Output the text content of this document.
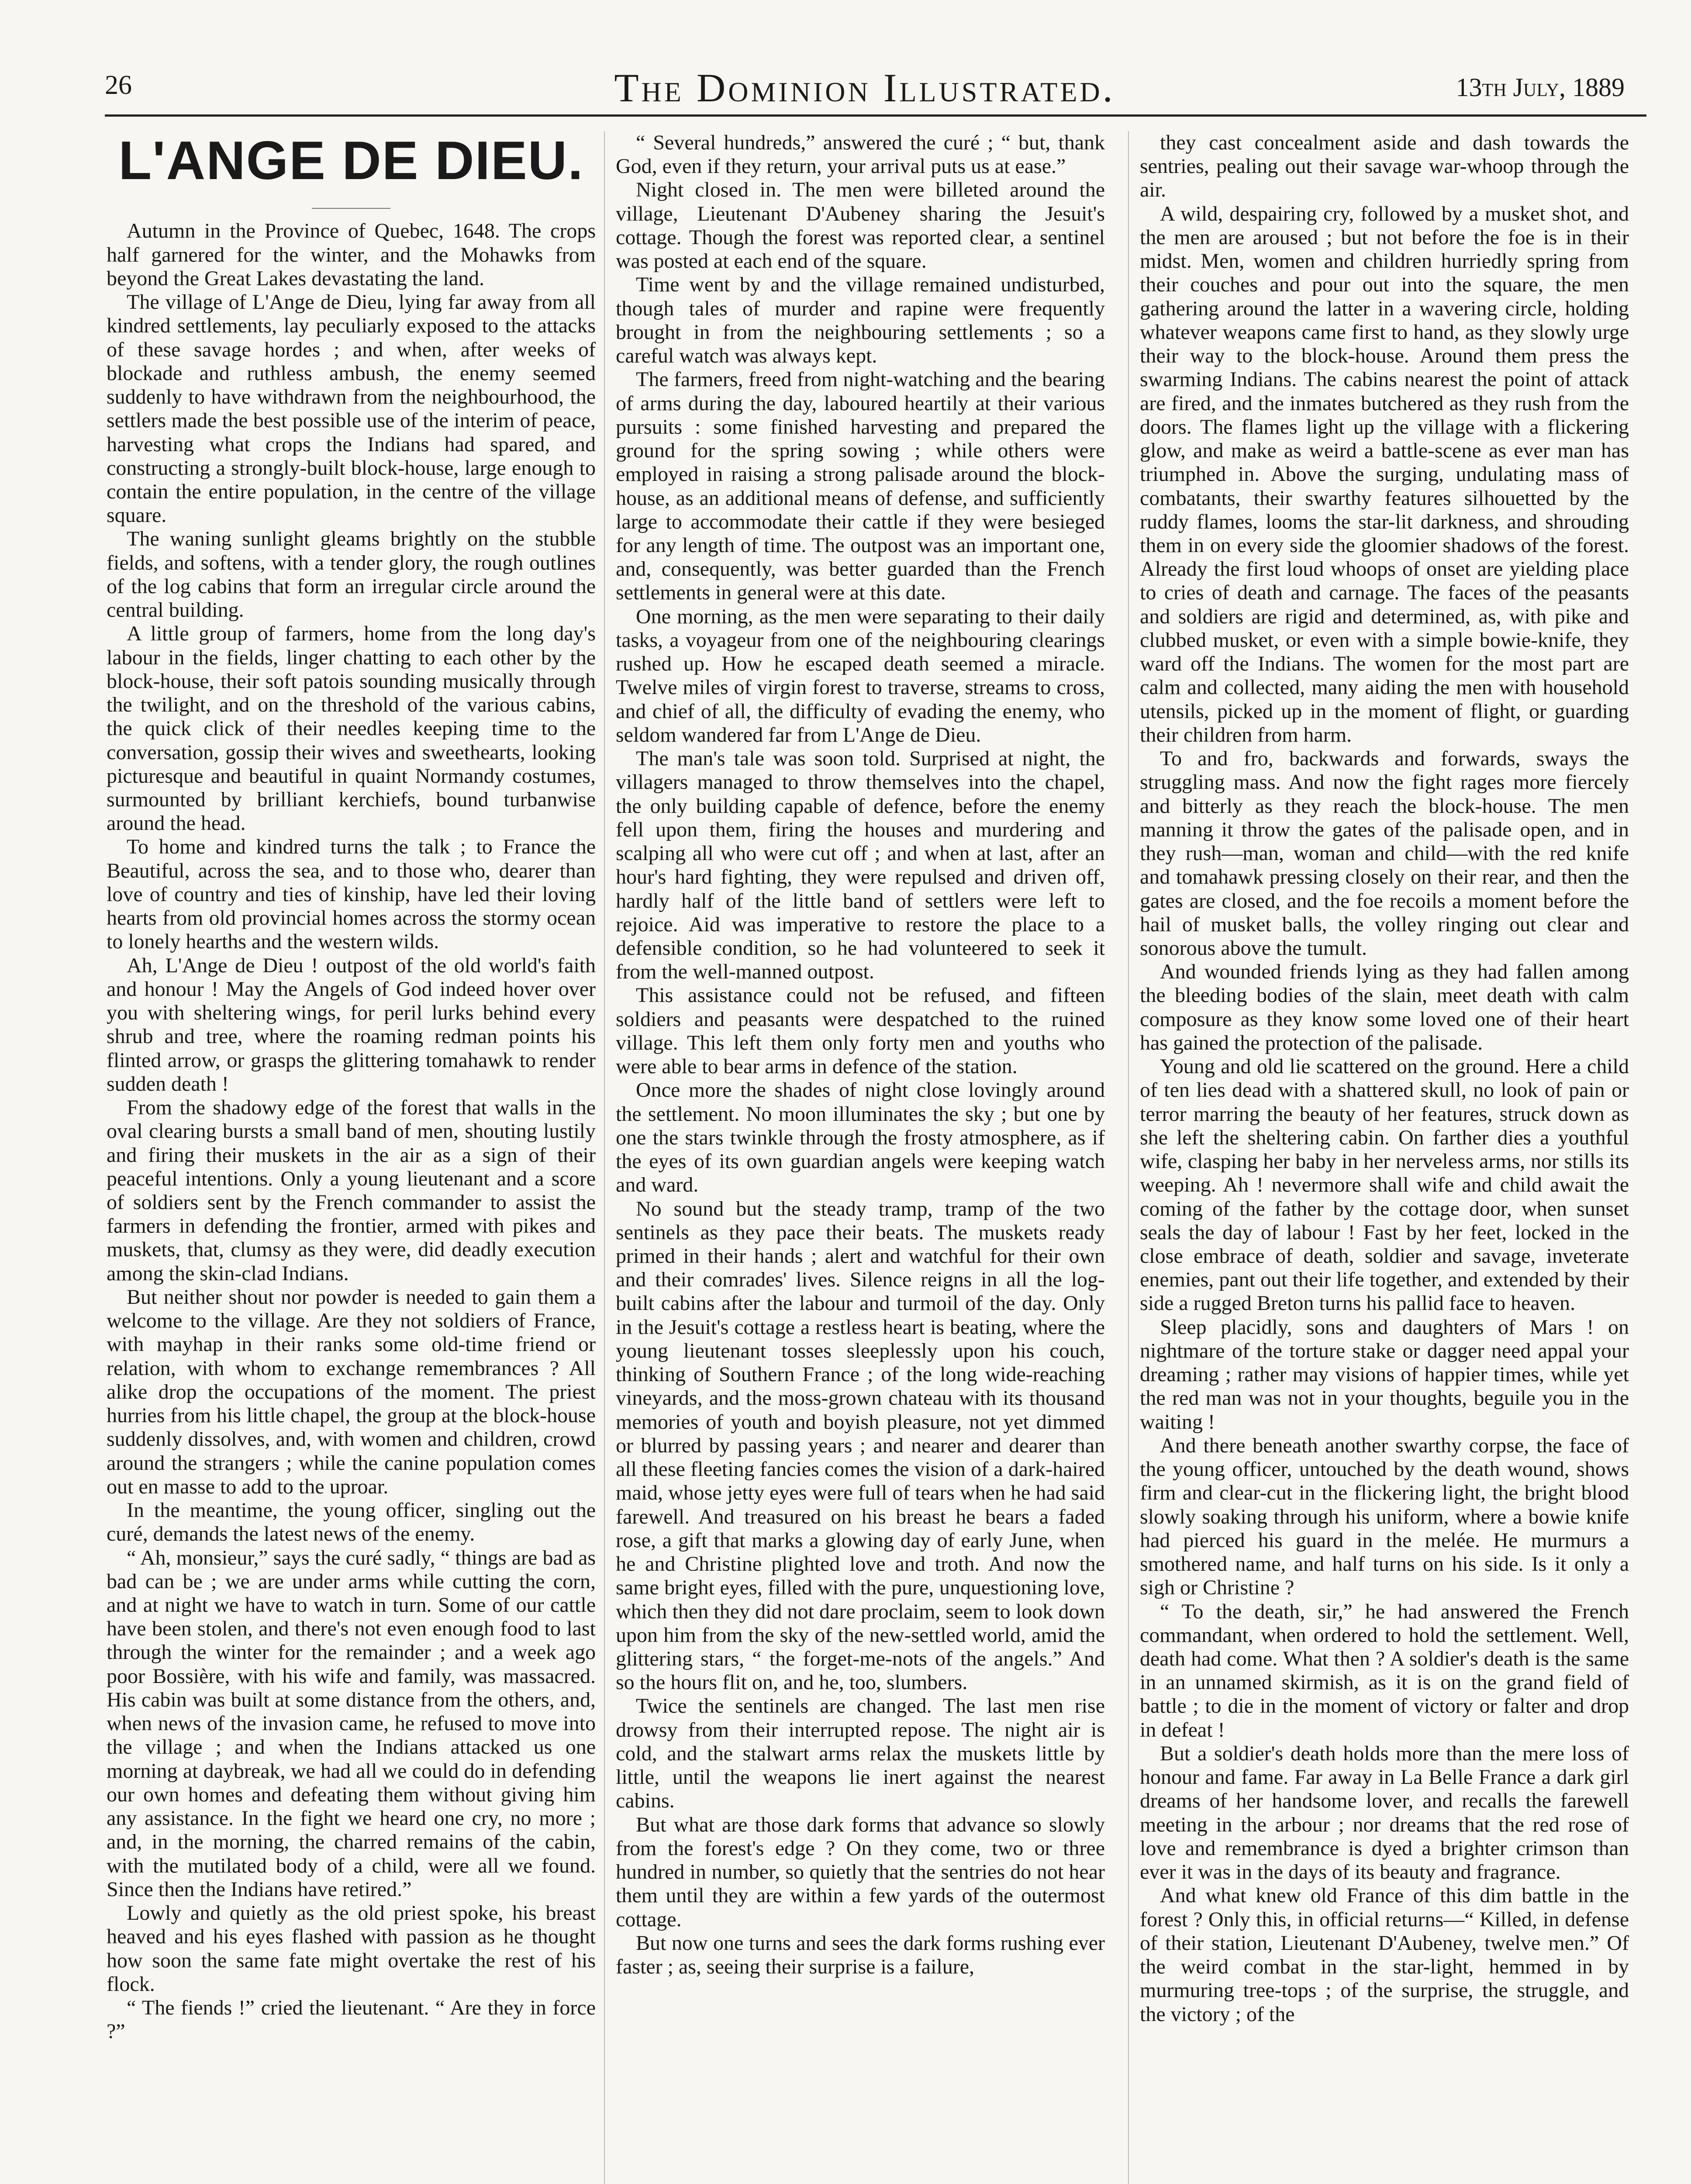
26	The Dominion Illustrated.	13th July, 1889
L'ANGE DE DIEU.

Autumn in the Province of Quebec, 1648. The crops half garnered for the winter, and the Mohawks from beyond the Great Lakes devastating the land.

The village of L'Ange de Dieu, lying far away from all kindred settlements, lay peculiarly exposed to the attacks of these savage hordes ; and when, after weeks of blockade and ruthless ambush, the enemy seemed suddenly to have withdrawn from the neighbourhood, the settlers made the best possible use of the interim of peace, harvesting what crops the Indians had spared, and constructing a strongly-built block-house, large enough to contain the entire population, in the centre of the village square.

The waning sunlight gleams brightly on the stubble fields, and softens, with a tender glory, the rough outlines of the log cabins that form an irregular circle around the central building.

A little group of farmers, home from the long day's labour in the fields, linger chatting to each other by the block-house, their soft patois sounding musically through the twilight, and on the threshold of the various cabins, the quick click of their needles keeping time to the conversation, gossip their wives and sweethearts, looking picturesque and beautiful in quaint Normandy costumes, surmounted by brilliant kerchiefs, bound turbanwise around the head.

To home and kindred turns the talk ; to France the Beautiful, across the sea, and to those who, dearer than love of country and ties of kinship, have led their loving hearts from old provincial homes across the stormy ocean to lonely hearths and the western wilds.

Ah, L'Ange de Dieu ! outpost of the old world's faith and honour ! May the Angels of God indeed hover over you with sheltering wings, for peril lurks behind every shrub and tree, where the roaming redman points his flinted arrow, or grasps the glittering tomahawk to render sudden death !

From the shadowy edge of the forest that walls in the oval clearing bursts a small band of men, shouting lustily and firing their muskets in the air as a sign of their peaceful intentions. Only a young lieutenant and a score of soldiers sent by the French commander to assist the farmers in defending the frontier, armed with pikes and muskets, that, clumsy as they were, did deadly execution among the skin-clad Indians.

But neither shout nor powder is needed to gain them a welcome to the village. Are they not soldiers of France, with mayhap in their ranks some old-time friend or relation, with whom to exchange remembrances ? All alike drop the occupations of the moment. The priest hurries from his little chapel, the group at the block-house suddenly dissolves, and, with women and children, crowd around the strangers ; while the canine population comes out en masse to add to the uproar.

In the meantime, the young officer, singling out the curé, demands the latest news of the enemy.

“ Ah, monsieur,” says the curé sadly, “ things are bad as bad can be ; we are under arms while cutting the corn, and at night we have to watch in turn. Some of our cattle have been stolen, and there's not even enough food to last through the winter for the remainder ; and a week ago poor Bossière, with his wife and family, was massacred. His cabin was built at some distance from the others, and, when news of the invasion came, he refused to move into the village ; and when the Indians attacked us one morning at daybreak, we had all we could do in defending our own homes and defeating them without giving him any assistance. In the fight we heard one cry, no more ; and, in the morning, the charred remains of the cabin, with the mutilated body of a child, were all we found. Since then the Indians have retired.”

Lowly and quietly as the old priest spoke, his breast heaved and his eyes flashed with passion as he thought how soon the same fate might overtake the rest of his flock.

“ The fiends !” cried the lieutenant. “ Are they in force ?”

“ Several hundreds,” answered the curé ; “ but, thank God, even if they return, your arrival puts us at ease.”

Night closed in. The men were billeted around the village, Lieutenant D'Aubeney sharing the Jesuit's cottage. Though the forest was reported clear, a sentinel was posted at each end of the square.

Time went by and the village remained undisturbed, though tales of murder and rapine were frequently brought in from the neighbouring settlements ; so a careful watch was always kept.

The farmers, freed from night-watching and the bearing of arms during the day, laboured heartily at their various pursuits : some finished harvesting and prepared the ground for the spring sowing ; while others were employed in raising a strong palisade around the block-house, as an additional means of defense, and sufficiently large to accommodate their cattle if they were besieged for any length of time. The outpost was an important one, and, consequently, was better guarded than the French settlements in general were at this date.

One morning, as the men were separating to their daily tasks, a voyageur from one of the neighbouring clearings rushed up. How he escaped death seemed a miracle. Twelve miles of virgin forest to traverse, streams to cross, and chief of all, the difficulty of evading the enemy, who seldom wandered far from L'Ange de Dieu.

The man's tale was soon told. Surprised at night, the villagers managed to throw themselves into the chapel, the only building capable of defence, before the enemy fell upon them, firing the houses and murdering and scalping all who were cut off ; and when at last, after an hour's hard fighting, they were repulsed and driven off, hardly half of the little band of settlers were left to rejoice. Aid was imperative to restore the place to a defensible condition, so he had volunteered to seek it from the well-manned outpost.

This assistance could not be refused, and fifteen soldiers and peasants were despatched to the ruined village. This left them only forty men and youths who were able to bear arms in defence of the station.

Once more the shades of night close lovingly around the settlement. No moon illuminates the sky ; but one by one the stars twinkle through the frosty atmosphere, as if the eyes of its own guardian angels were keeping watch and ward.

No sound but the steady tramp, tramp of the two sentinels as they pace their beats. The muskets ready primed in their hands ; alert and watchful for their own and their comrades' lives. Silence reigns in all the log-built cabins after the labour and turmoil of the day. Only in the Jesuit's cottage a restless heart is beating, where the young lieutenant tosses sleeplessly upon his couch, thinking of Southern France ; of the long wide-reaching vineyards, and the moss-grown chateau with its thousand memories of youth and boyish pleasure, not yet dimmed or blurred by passing years ; and nearer and dearer than all these fleeting fancies comes the vision of a dark-haired maid, whose jetty eyes were full of tears when he had said farewell. And treasured on his breast he bears a faded rose, a gift that marks a glowing day of early June, when he and Christine plighted love and troth. And now the same bright eyes, filled with the pure, unquestioning love, which then they did not dare proclaim, seem to look down upon him from the sky of the new-settled world, amid the glittering stars, “ the forget-me-nots of the angels.” And so the hours flit on, and he, too, slumbers.

Twice the sentinels are changed. The last men rise drowsy from their interrupted repose. The night air is cold, and the stalwart arms relax the muskets little by little, until the weapons lie inert against the nearest cabins.

But what are those dark forms that advance so slowly from the forest's edge ? On they come, two or three hundred in number, so quietly that the sentries do not hear them until they are within a few yards of the outermost cottage.

But now one turns and sees the dark forms rushing ever faster ; as, seeing their surprise is a failure,

they cast concealment aside and dash towards the sentries, pealing out their savage war-whoop through the air.

A wild, despairing cry, followed by a musket shot, and the men are aroused ; but not before the foe is in their midst. Men, women and children hurriedly spring from their couches and pour out into the square, the men gathering around the latter in a wavering circle, holding whatever weapons came first to hand, as they slowly urge their way to the block-house. Around them press the swarming Indians. The cabins nearest the point of attack are fired, and the inmates butchered as they rush from the doors. The flames light up the village with a flickering glow, and make as weird a battle-scene as ever man has triumphed in. Above the surging, undulating mass of combatants, their swarthy features silhouetted by the ruddy flames, looms the star-lit darkness, and shrouding them in on every side the gloomier shadows of the forest. Already the first loud whoops of onset are yielding place to cries of death and carnage. The faces of the peasants and soldiers are rigid and determined, as, with pike and clubbed musket, or even with a simple bowie-knife, they ward off the Indians. The women for the most part are calm and collected, many aiding the men with household utensils, picked up in the moment of flight, or guarding their children from harm.

To and fro, backwards and forwards, sways the struggling mass. And now the fight rages more fiercely and bitterly as they reach the block-house. The men manning it throw the gates of the palisade open, and in they rush—man, woman and child—with the red knife and tomahawk pressing closely on their rear, and then the gates are closed, and the foe recoils a moment before the hail of musket balls, the volley ringing out clear and sonorous above the tumult.

And wounded friends lying as they had fallen among the bleeding bodies of the slain, meet death with calm composure as they know some loved one of their heart has gained the protection of the palisade.

Young and old lie scattered on the ground. Here a child of ten lies dead with a shattered skull, no look of pain or terror marring the beauty of her features, struck down as she left the sheltering cabin. On farther dies a youthful wife, clasping her baby in her nerveless arms, nor stills its weeping. Ah ! nevermore shall wife and child await the coming of the father by the cottage door, when sunset seals the day of labour ! Fast by her feet, locked in the close embrace of death, soldier and savage, inveterate enemies, pant out their life together, and extended by their side a rugged Breton turns his pallid face to heaven.

Sleep placidly, sons and daughters of Mars ! on nightmare of the torture stake or dagger need appal your dreaming ; rather may visions of happier times, while yet the red man was not in your thoughts, beguile you in the waiting !

And there beneath another swarthy corpse, the face of the young officer, untouched by the death wound, shows firm and clear-cut in the flickering light, the bright blood slowly soaking through his uniform, where a bowie knife had pierced his guard in the melée. He murmurs a smothered name, and half turns on his side. Is it only a sigh or Christine ?

“ To the death, sir,” he had answered the French commandant, when ordered to hold the settlement. Well, death had come. What then ? A soldier's death is the same in an unnamed skirmish, as it is on the grand field of battle ; to die in the moment of victory or falter and drop in defeat !

But a soldier's death holds more than the mere loss of honour and fame. Far away in La Belle France a dark girl dreams of her handsome lover, and recalls the farewell meeting in the arbour ; nor dreams that the red rose of love and remembrance is dyed a brighter crimson than ever it was in the days of its beauty and fragrance.

And what knew old France of this dim battle in the forest ? Only this, in official returns—“ Killed, in defense of their station, Lieutenant D'Aubeney, twelve men.” Of the weird combat in the star-light, hemmed in by murmuring tree-tops ; of the surprise, the struggle, and the victory ; of the
